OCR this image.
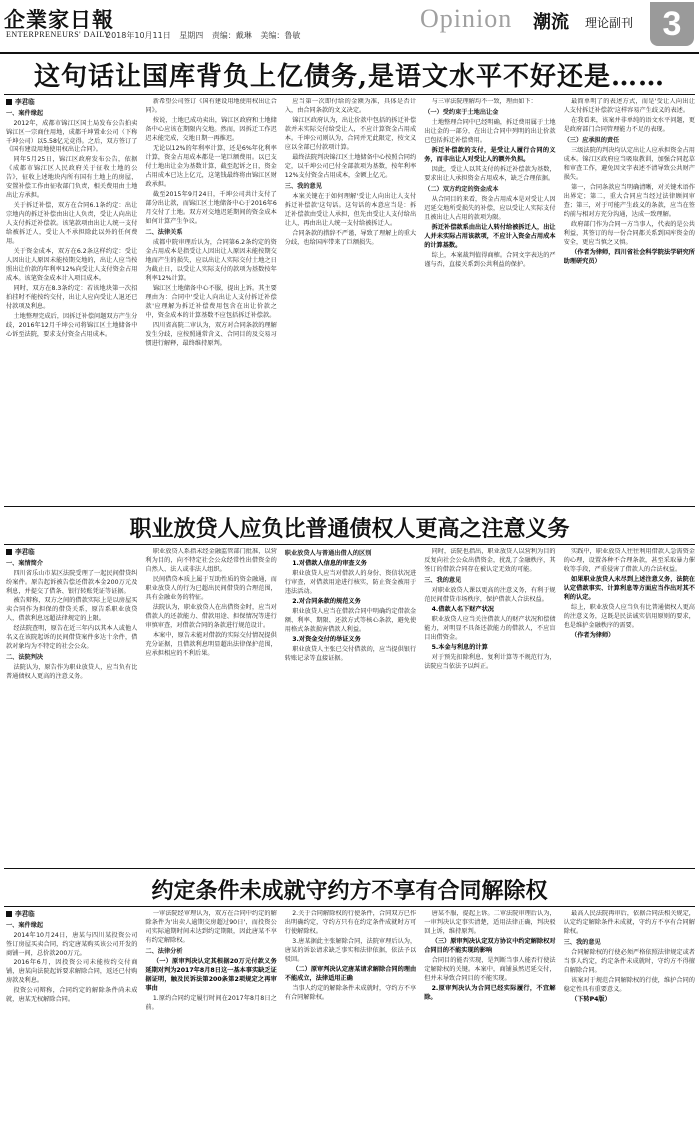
企業家日報
ENTERPRENEURS' DAILY
2018年10月11日 星期四 责编：戴琳 美编：鲁敏
Opinion 潮流 理论副刊 3
这句话让国库背负上亿债务,是语文水平不好还是……
李君临

一、案件缘起

2012年，成都市锦江区国土局发布公告拍卖锦江区一宗商住用地，成都千坤置业公司（下称千坤公司）以5.58亿元竞得。之后，双方签订了《国有建设用地使用权出让合同》。

同年5月25日，锦江区政府发布公告，依据《成都市锦江区人民政府关于征收土地的公告》，征收上述地块内所有国有土地上的房屋，安置补偿工作由征收部门负责，相关费用由土地出让方承担。

关于拆迁补偿，双方在合同6.1条约定：出让宗地内的拆迁补偿由出让人负责，受让人向出让人支付拆迁补偿款。该笔款项由出让人统一支付给被拆迁人，受让人不承担除此以外的任何费用。

关于资金成本，双方在6.2条这样约定：受让人因出让人原因未能按期交地的，出让人应当按照出让价款的年利率12%向受让人支付资金占用成本。该笔资金成本计入项目成本。

同时，双方在8.3条约定：若该地块第一次招拍挂时不能按约交付，出让人应向受让人退还已付款项及利息。

土地整理完成后，因拆迁补偿问题双方产生分歧，2016年12月千坤公司将锦江区土地储备中心诉至法院，要求支付资金占用成本。

新希望公司签订《国有建设用地使用权出让合同》。

按说，土地已成功卖出，锦江区政府和土地储备中心应该在期限内交地。然而，因拆迁工作迟迟未能完成，交地日期一再推迟。

无论以12%的年利率计算，还是6%年化利率计算，资金占用成本都是一笔巨额费用。以已支付土地出让金为基数计算，截至起诉之日，资金占用成本已达上亿元，这笔钱最终将由锦江区财政承担。

截至2015年9月24日，千坤公司共计支付了部分出让款，而锦江区土地储备中心于2016年6月交付了土地。双方对交地迟延期间的资金成本如何计算产生争议。

二、法律关系

成都中院审理后认为，合同第6.2条约定的资金占用成本是指受让人因出让人原因未能按期交地而产生的损失，应以出让人实际交付土地之日为截止日，以受让人实际支付的款项为基数按年利率12%计算。

锦江区土地储备中心不服，提出上诉。其主要理由为：合同中'受让人向出让人支付拆迁补偿款'应理解为拆迁补偿费用包含在出让价款之中，资金成本的计算基数不应包括拆迁补偿款。

四川省高院二审认为，双方对合同条款的理解发生分歧，应按照通常含义、合同目的及交易习惯进行解释，最终维持原判。

应当第一次即付给的金额为准，具体是否计入，由合同条款的文义决定。

锦江区政府认为，出让价款中包括的拆迁补偿款并未实际交付给受让人，不应计算资金占用成本。千坤公司则认为，合同并无此限定，按文义应以全部已付款项计算。

最终法院判决锦江区土地储备中心按照合同约定，以千坤公司已付全部款项为基数，按年利率12%支付资金占用成本，金额上亿元。

三、我的意见

本案关键在于如何理解'受让人向出让人支付拆迁补偿款'这句话。这句话的本意应当是：拆迁补偿款由受让人承担，但先由受让人支付给出让人，再由出让人统一支付给被拆迁人。

合同条款的措辞不严谨，导致了理解上的重大分歧，也给国库带来了巨额损失。

与三审法院理解均不一致，理由如下：

（一）受约束于土地出让金

土地整理合同中已经明确，拆迁费用属于土地出让金的一部分，在出让合同中列明的出让价款已包括拆迁补偿费用。

拆迁补偿款的支付，是受让人履行合同的义务，而非出让人对受让人的额外负担。

因此，受让人以其支付的拆迁补偿款为基数，要求出让人承担资金占用成本，缺乏合理依据。

（二）双方约定的资金成本

从合同目的来看，资金占用成本是对受让人因迟延交地所受损失的补偿，应以受让人实际支付且被出让人占用的款项为限。

拆迁补偿款系由出让人转付给被拆迁人，出让人并未实际占用该款项，不应计入资金占用成本的计算基数。

综上，本案裁判值得商榷。合同文字表达的严谨与否，直接关系到公共利益的保护。

最简单明了的表述方式，而是'受让人向出让人支付拆迁补偿款'这样容易产生歧义的表述。

在我看来，该案并非单纯的语文水平问题，更是政府部门合同管理能力不足的表现。

（三）应承担的责任

三级法院的判决均认定出让人应承担资金占用成本。锦江区政府应当吸取教训，加强合同起草和审查工作，避免因文字表述不清导致公共财产损失。

第一，合同条款应当明确清晰，对关键术语作出界定；第二，重大合同应当经过法律顾问审查；第三，对于可能产生歧义的条款，应当在签约前与相对方充分沟通，达成一致理解。

政府部门作为合同一方当事人，代表的是公共利益，其签订的每一份合同都关系到国库资金的安全，更应当慎之又慎。

（作者为律师，四川省社会科学院法学研究所助理研究员）

职业放贷人应负比普通债权人更高之注意义务
李君临

一、案情简介

四川省乐山市某区法院受理了一起民间借贷纠纷案件。原告起诉被告偿还借款本金200万元及利息，并提交了借条、银行转账凭证等证据。

被告辩称，双方之间的借款实际上是以房屋买卖合同作为担保的借贷关系，原告系职业放贷人，借款利息远超法律规定的上限。

经法院查明，原告在近三年内以其本人或他人名义在该院起诉的民间借贷案件多达十余件，借款对象均为不特定的社会公众。

二、法院判决

法院认为，原告作为职业放贷人，应当负有比普通债权人更高的注意义务。

职业放贷人系指未经金融监管部门批准，以营利为目的，向不特定社会公众经常性出借资金的自然人、法人或非法人组织。

民间借贷本质上属于互助性质的资金融通，而职业放贷人的行为已超出民间借贷的合理范围，具有金融业务的特征。

法院认为，职业放贷人在出借资金时，应当对借款人的还款能力、借款用途、担保情况等进行审慎审查，对借款合同的条款进行规范设计。

本案中，原告未能对借款的实际交付情况提供充分证据，且借款利息明显超出法律保护范围，应承担相应的不利后果。

职业放贷人与普通出借人的区别

1.对借款人信息的审查义务

职业放贷人应当对借款人的身份、资信状况进行审查，对借款用途进行核实，防止资金被用于违法活动。

2.对合同条款的规范义务

职业放贷人应当在借款合同中明确约定借款金额、利率、期限、还款方式等核心条款，避免使用格式条款损害借款人利益。

3.对资金交付的举证义务

职业放贷人主张已交付借款的，应当提供银行转账记录等直接证据。

同时，法院也指出，职业放贷人以营利为目的反复向社会公众出借资金，扰乱了金融秩序，其签订的借款合同存在被认定无效的可能。

三、我的意见

对职业放贷人课以更高的注意义务，有利于规范民间借贷市场秩序，保护借款人合法权益。

4.借款人名下财产状况

职业放贷人应当关注借款人的财产状况和偿债能力，对明显不具备还款能力的借款人，不应盲目出借资金。

5.本金与利息的计算

对于预先扣除利息、复利计算等不规范行为，法院应当依法予以纠正。

实践中，职业放贷人往往利用借款人急需资金的心理，设置各种不合理条款，甚至采取暴力催收等手段，严重侵害了借款人的合法权益。

如果职业放贷人未尽到上述注意义务，法院在认定借款事实、计算利息等方面应当作出对其不利的认定。

综上，职业放贷人应当负有比普通债权人更高的注意义务，这既是民法诚实信用原则的要求，也是维护金融秩序的需要。

（作者为律师）

约定条件未成就守约方不享有合同解除权
李君临

一、案件缘起

2014年10月24日，唐某与四川某投资公司签订房屋买卖合同，约定唐某购买该公司开发的商铺一间，总价款200万元。

2016年6月，因投资公司未能按约交付商铺，唐某向法院起诉要求解除合同，返还已付购房款及利息。

投资公司辩称，合同约定的解除条件尚未成就，唐某无权解除合同。

一审法院经审理认为，双方在合同中约定的解除条件为'出卖人逾期交房超过90日'，而投资公司实际逾期时间未达到约定期限，因此唐某不享有约定解除权。

二、法律分析

（一）原审判决认定其根据20万元付款义务延期对判为2017年8月8日这一基本事实缺乏证据证明，触及民诉法第200条第2项规定之再审事由

1.原约合同约定履行时间在2017年8月8日之前。

2.关于合同解除权的行使条件，合同双方已作出明确约定，守约方只有在约定条件成就时方可行使解除权。

3.唐某据此主张解除合同，法院审理后认为，唐某的诉讼请求缺乏事实和法律依据，依法予以驳回。

（二）原审判决认定唐某请求解除合同的理由不能成立，法律适用正确

当事人约定的解除条件未成就时，守约方不享有合同解除权。

唐某不服，提起上诉。二审法院审理后认为，一审判决认定事实清楚，适用法律正确，判决驳回上诉，维持原判。

（三）原审判决认定双方协议中约定解除权对合同目的不能实现的影响

合同目的能否实现，是判断当事人能否行使法定解除权的关键。本案中，商铺虽然迟延交付，但并未导致合同目的不能实现。

2.原审判决认为合同已经实际履行，不宜解除。

最高人民法院再审后，依据合同法相关规定，认定约定解除条件未成就，守约方不享有合同解除权。

三、我的意见

合同解除权的行使必须严格依照法律规定或者当事人约定，约定条件未成就时，守约方不得擅自解除合同。

该案对于规范合同解除权的行使，维护合同的稳定性具有重要意义。

（下转P4版）
